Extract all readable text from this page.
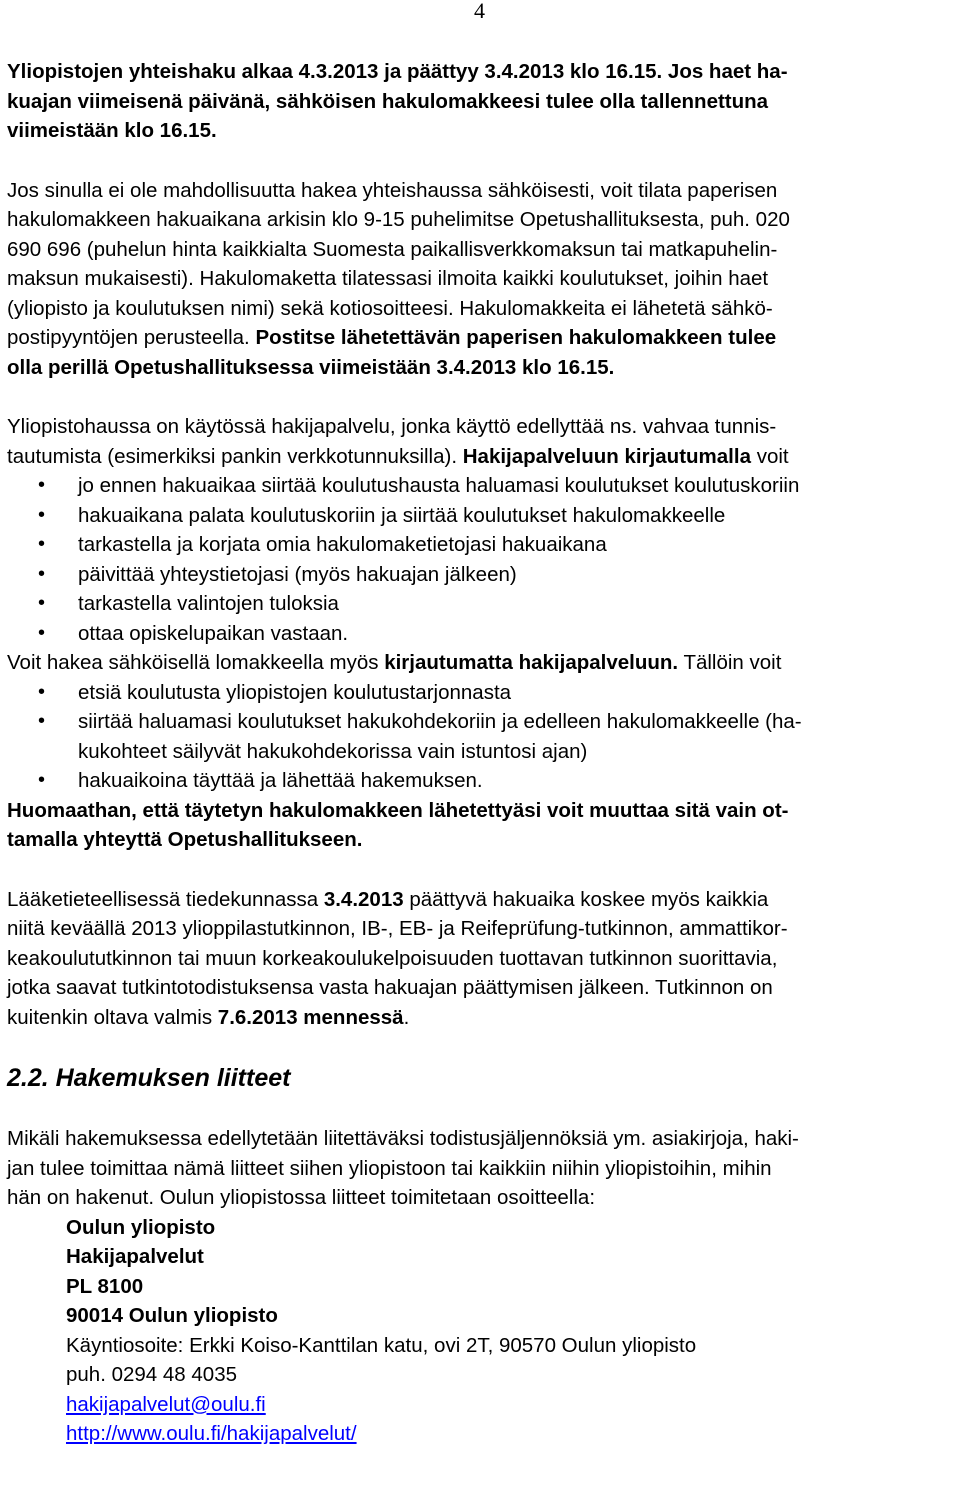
4

Yliopistojen yhteishaku alkaa 4.3.2013 ja päättyy 3.4.2013 klo 16.15. Jos haet ha-
kuajan viimeisenä päivänä, sähköisen hakulomakkeesi tulee olla tallennettuna
viimeistään klo 16.15.

Jos sinulla ei ole mahdollisuutta hakea yhteishaussa sähköisesti, voit tilata paperisen
hakulomakkeen hakuaikana arkisin klo 9-15 puhelimitse Opetushallituksesta, puh. 020
690 696 (puhelun hinta kaikkialta Suomesta paikallisverkkomaksun tai matkapuhelin-
maksun mukaisesti). Hakulomaketta tilatessasi ilmoita kaikki koulutukset, joihin haet
(yliopisto ja koulutuksen nimi) sekä kotiosoitteesi. Hakulomakkeita ei lähetetä sähkö-
postipyyntöjen perusteella. Postitse lähetettävän paperisen hakulomakkeen tulee
olla perillä Opetushallituksessa viimeistään 3.4.2013 klo 16.15.

Yliopistohaussa on käytössä hakijapalvelu, jonka käyttö edellyttää ns. vahvaa tunnis-
tautumista (esimerkiksi pankin verkkotunnuksilla). Hakijapalveluun kirjautumalla voit

• jo ennen hakuaikaa siirtää koulutushausta haluamasi koulutukset koulutuskoriin
• hakuaikana palata koulutuskoriin ja siirtää koulutukset hakulomakkeelle
• tarkastella ja korjata omia hakulomaketietojasi hakuaikana
• päivittää yhteystietojasi (myös hakuajan jälkeen)
• tarkastella valintojen tuloksia
• ottaa opiskelupaikan vastaan.

Voit hakea sähköisellä lomakkeella myös kirjautumatta hakijapalveluun. Tällöin voit

• etsiä koulutusta yliopistojen koulutustarjonnasta
• siirtää haluamasi koulutukset hakukohdekoriin ja edelleen hakulomakkeelle (ha-
kukohteet säilyvät hakukohdekorissa vain istuntosi ajan)
• hakuaikoina täyttää ja lähettää hakemuksen.

Huomaathan, että täytetyn hakulomakkeen lähetettyäsi voit muuttaa sitä vain ot-
tamalla yhteyttä Opetushallitukseen.

Lääketieteellisessä tiedekunnassa 3.4.2013 päättyvä hakuaika koskee myös kaikkia
niitä keväällä 2013 ylioppilastutkinnon, IB-, EB- ja Reifeprüfung-tutkinnon, ammattikor-
keakoulututkinnon tai muun korkeakoulukelpoisuuden tuottavan tutkinnon suorittavia,
jotka saavat tutkintotodistuksensa vasta hakuajan päättymisen jälkeen. Tutkinnon on
kuitenkin oltava valmis 7.6.2013 mennessä.

2.2. Hakemuksen liitteet

Mikäli hakemuksessa edellytetään liitettäväksi todistusjäljennöksiä ym. asiakirjoja, haki-
jan tulee toimittaa nämä liitteet siihen yliopistoon tai kaikkiin niihin yliopistoihin, mihin
hän on hakenut. Oulun yliopistossa liitteet toimitetaan osoitteella:

Oulun yliopisto
Hakijapalvelut
PL 8100
90014 Oulun yliopisto
Käyntiosoite: Erkki Koiso-Kanttilan katu, ovi 2T, 90570 Oulun yliopisto
puh. 0294 48 4035
hakijapalvelut@oulu.fi
http://www.oulu.fi/hakijapalvelut/
